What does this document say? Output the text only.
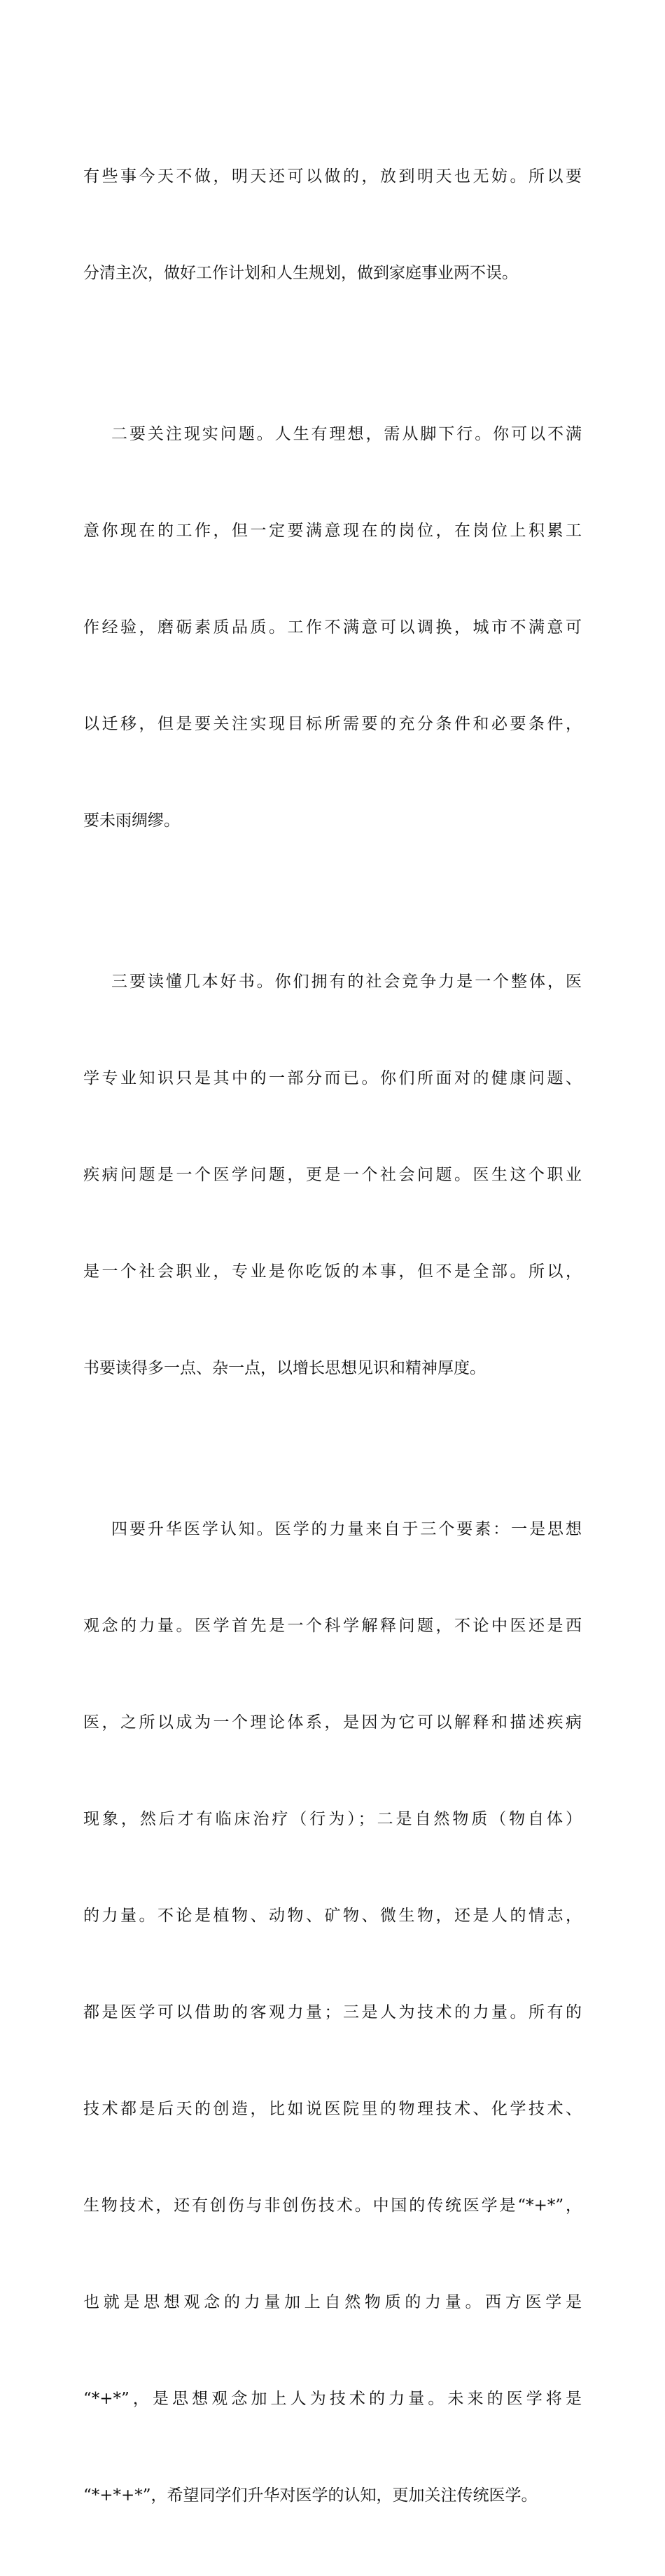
有些事今天不做，明天还可以做的，放到明天也无妨。所以要

分清主次，做好工作计划和人生规划，做到家庭事业两不误。

二要关注现实问题。人生有理想，需从脚下行。你可以不满

意你现在的工作，但一定要满意现在的岗位，在岗位上积累工

作经验，磨砺素质品质。工作不满意可以调换，城市不满意可

以迁移，但是要关注实现目标所需要的充分条件和必要条件，

要未雨绸缪。

三要读懂几本好书。你们拥有的社会竞争力是一个整体，医

学专业知识只是其中的一部分而已。你们所面对的健康问题、

疾病问题是一个医学问题，更是一个社会问题。医生这个职业

是一个社会职业，专业是你吃饭的本事，但不是全部。所以，

书要读得多一点、杂一点，以增长思想见识和精神厚度。

四要升华医学认知。医学的力量来自于三个要素：一是思想

观念的力量。医学首先是一个科学解释问题，不论中医还是西

医，之所以成为一个理论体系，是因为它可以解释和描述疾病

现象，然后才有临床治疗（行为）；二是自然物质（物自体）

的力量。不论是植物、动物、矿物、微生物，还是人的情志，

都是医学可以借助的客观力量；三是人为技术的力量。所有的

技术都是后天的创造，比如说医院里的物理技术、化学技术、

生物技术，还有创伤与非创伤技术。中国的传统医学是“*+*”，

也就是思想观念的力量加上自然物质的力量。西方医学是

“*+*”，是思想观念加上人为技术的力量。未来的医学将是

“*+*+*”，希望同学们升华对医学的认知，更加关注传统医学。
